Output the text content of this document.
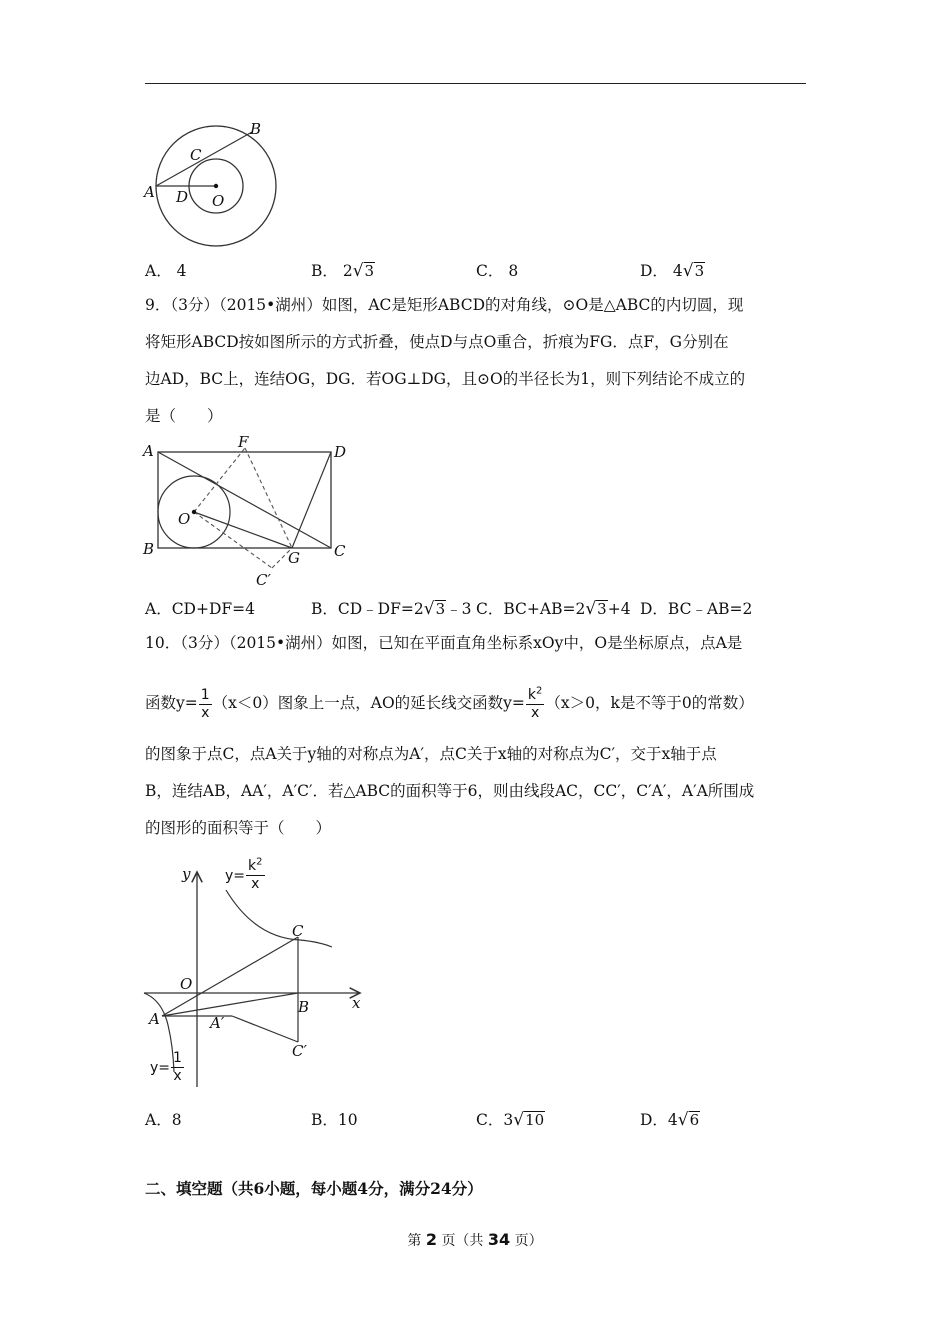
A
B
C
D O
A． 4	B． 2√3	C． 8	D． 4√3
9．（3分）（2015•湖州）如图，AC是矩形ABCD的对角线，⊙O是△ABC的内切圆，现
将矩形ABCD按如图所示的方式折叠，使点D与点O重合，折痕为FG．点F，G分别在
边AD，BC上，连结OG，DG．若OG⊥DG，且⊙O的半径长为1，则下列结论不成立的
是（　　）
A	F
D
O
B	G C
C′
A．CD+DF=4	B．CD﹣DF=2√3﹣3 C．BC+AB=2√3+4 D．BC﹣AB=2
10．（3分）（2015•湖州）如图，已知在平面直角坐标系xOy中，O是坐标原点，点A是
函数$y= \frac{1}{x} (x<0)$图象上一点，AO的延长线交函数$y= \frac{k^2}{x} (x>0$，k是不等于0的常数）
的图象于点C，点A关于y轴的对称点为A′，点C关于x轴的对称点为C′，交于x轴于点
B，连结AB，AA′，A′C′．若△ABC的面积等于6，则由线段AC，CC′，C′A′，A′A所围成
的图形的面积等于（　　）
y
x
O
A	A′
B
C
C′
$y= \frac{k^2}{x}$
$y= \frac{1}{x}$
A．8	B．10	C．3√10	D．4√6
二、填空题（共6小题，每小题4分，满分24分）
第 2 页（共 34 页）
